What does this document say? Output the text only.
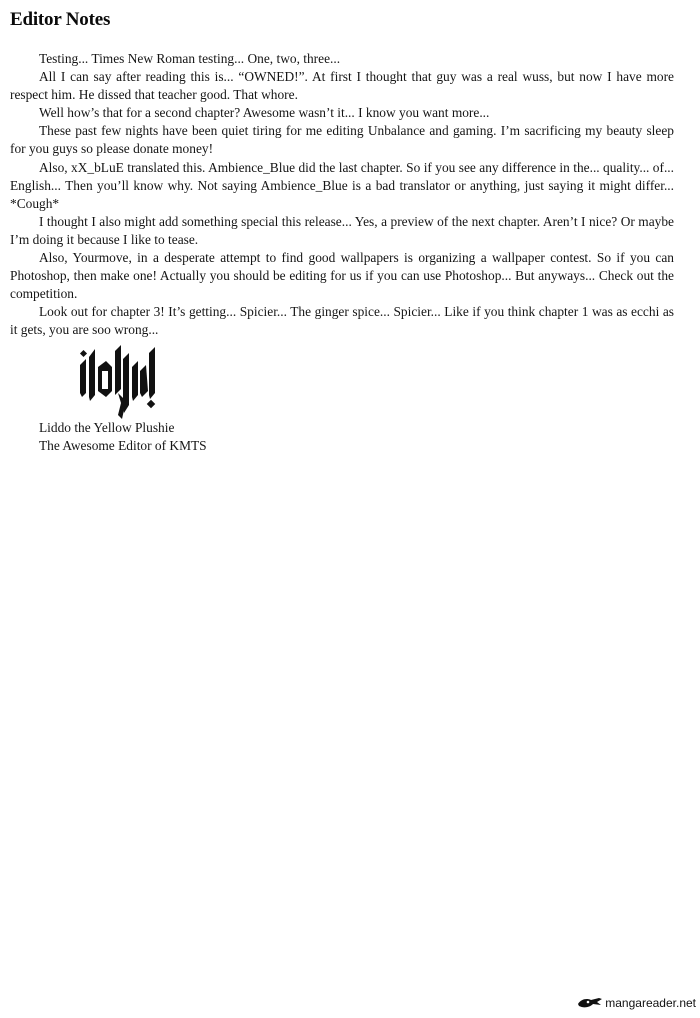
Editor Notes

Testing... Times New Roman testing... One, two, three...

All I can say after reading this is... “OWNED!”. At first I thought that guy was a real wuss, but now I have more respect him. He dissed that teacher good. That whore.

Well how’s that for a second chapter? Awesome wasn’t it... I know you want more...

These past few nights have been quiet tiring for me editing Unbalance and gaming. I’m sacrificing my beauty sleep for you guys so please donate money!

Also, xX_bLuE translated this. Ambience_Blue did the last chapter. So if you see any difference in the... quality... of... English... Then you’ll know why. Not saying Ambience_Blue is a bad translator or anything, just saying it might differ... *Cough*

I thought I also might add something special this release... Yes, a preview of the next chapter. Aren’t I nice? Or maybe I’m doing it because I like to tease.

Also, Yourmove, in a desperate attempt to find good wallpapers is organizing a wallpaper contest. So if you can Photoshop, then make one! Actually you should be editing for us if you can use Photoshop... But anyways... Check out the competition.

Look out for chapter 3! It’s getting... Spicier... The ginger spice... Spicier... Like if you think chapter 1 was as ecchi as it gets, you are soo wrong...

Liddo the Yellow Plushie
The Awesome Editor of KMTS
mangareader.net
